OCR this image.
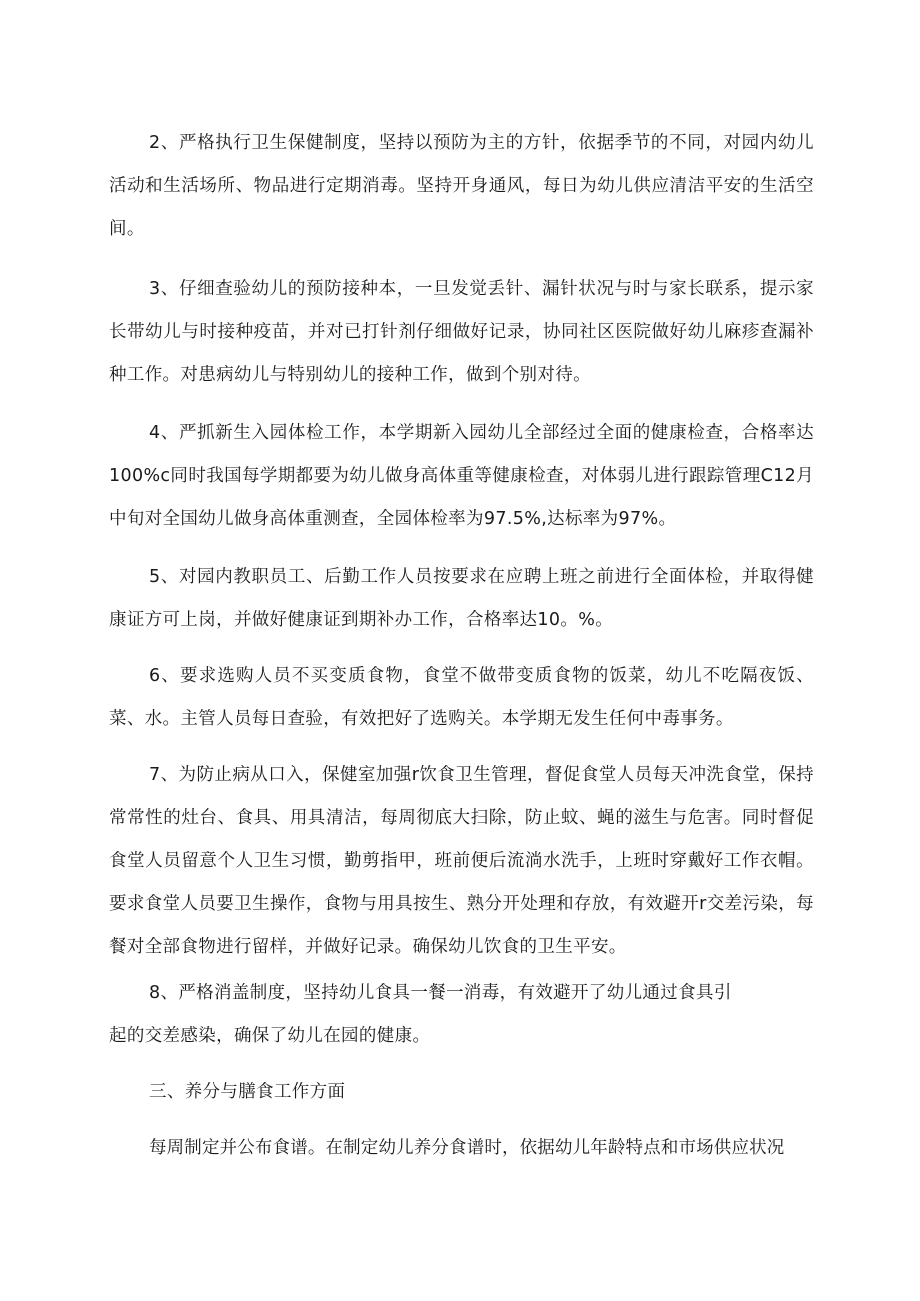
2、严格执行卫生保健制度，坚持以预防为主的方针，依据季节的不同，对园内幼儿活动和生活场所、物品进行定期消毒。坚持开身通风，每日为幼儿供应清洁平安的生活空间。

3、仔细查验幼儿的预防接种本，一旦发觉丢针、漏针状况与时与家长联系，提示家长带幼儿与时接种疫苗，并对已打针剂仔细做好记录，协同社区医院做好幼儿麻疹查漏补种工作。对患病幼儿与特别幼儿的接种工作，做到个别对待。

4、严抓新生入园体检工作，本学期新入园幼儿全部经过全面的健康检查，合格率达100%c同时我国每学期都要为幼儿做身高体重等健康检查，对体弱儿进行跟踪管理C12月中旬对全国幼儿做身高体重测查，全园体检率为97.5%,达标率为97%。

5、对园内教职员工、后勤工作人员按要求在应聘上班之前进行全面体检，并取得健康证方可上岗，并做好健康证到期补办工作，合格率达10。%。

6、要求选购人员不买变质食物，食堂不做带变质食物的饭菜，幼儿不吃隔夜饭、菜、水。主管人员每日查验，有效把好了选购关。本学期无发生任何中毒事务。

7、为防止病从口入，保健室加强r饮食卫生管理，督促食堂人员每天冲洗食堂，保持常常性的灶台、食具、用具清洁，每周彻底大扫除，防止蚊、蝇的滋生与危害。同时督促食堂人员留意个人卫生习惯，勤剪指甲，班前便后流淌水洗手，上班时穿戴好工作衣帽。要求食堂人员要卫生操作，食物与用具按生、熟分开处理和存放，有效避开r交差污染，每餐对全部食物进行留样，并做好记录。确保幼儿饮食的卫生平安。

8、严格消盖制度，坚持幼儿食具一餐一消毒，有效避开了幼儿通过食具引

起的交差感染，确保了幼儿在园的健康。

三、养分与膳食工作方面

每周制定并公布食谱。在制定幼儿养分食谱时，依据幼儿年龄特点和市场供应状况
